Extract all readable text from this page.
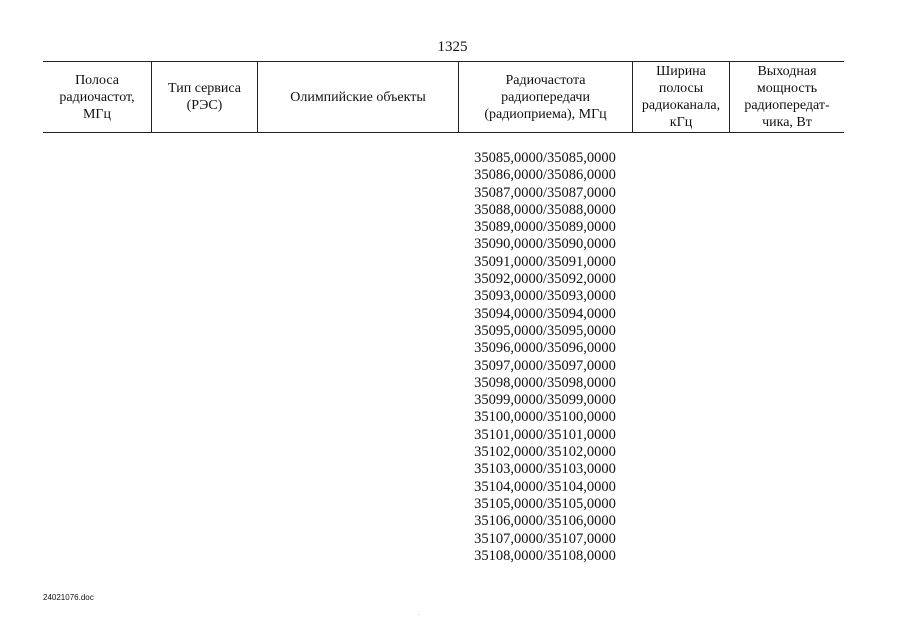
1325
Полоса
радиочастот,
МГц
Тип сервиса
(РЭС)
Олимпийские объекты
Радиочастота
радиопередачи
(радиоприема), МГц
Ширина
полосы
радиоканала,
кГц
Выходная
мощность
радиопередат-
чика, Вт
35085,0000/35085,0000
35086,0000/35086,0000
35087,0000/35087,0000
35088,0000/35088,0000
35089,0000/35089,0000
35090,0000/35090,0000
35091,0000/35091,0000
35092,0000/35092,0000
35093,0000/35093,0000
35094,0000/35094,0000
35095,0000/35095,0000
35096,0000/35096,0000
35097,0000/35097,0000
35098,0000/35098,0000
35099,0000/35099,0000
35100,0000/35100,0000
35101,0000/35101,0000
35102,0000/35102,0000
35103,0000/35103,0000
35104,0000/35104,0000
35105,0000/35105,0000
35106,0000/35106,0000
35107,0000/35107,0000
35108,0000/35108,0000
24021076.doc
.
